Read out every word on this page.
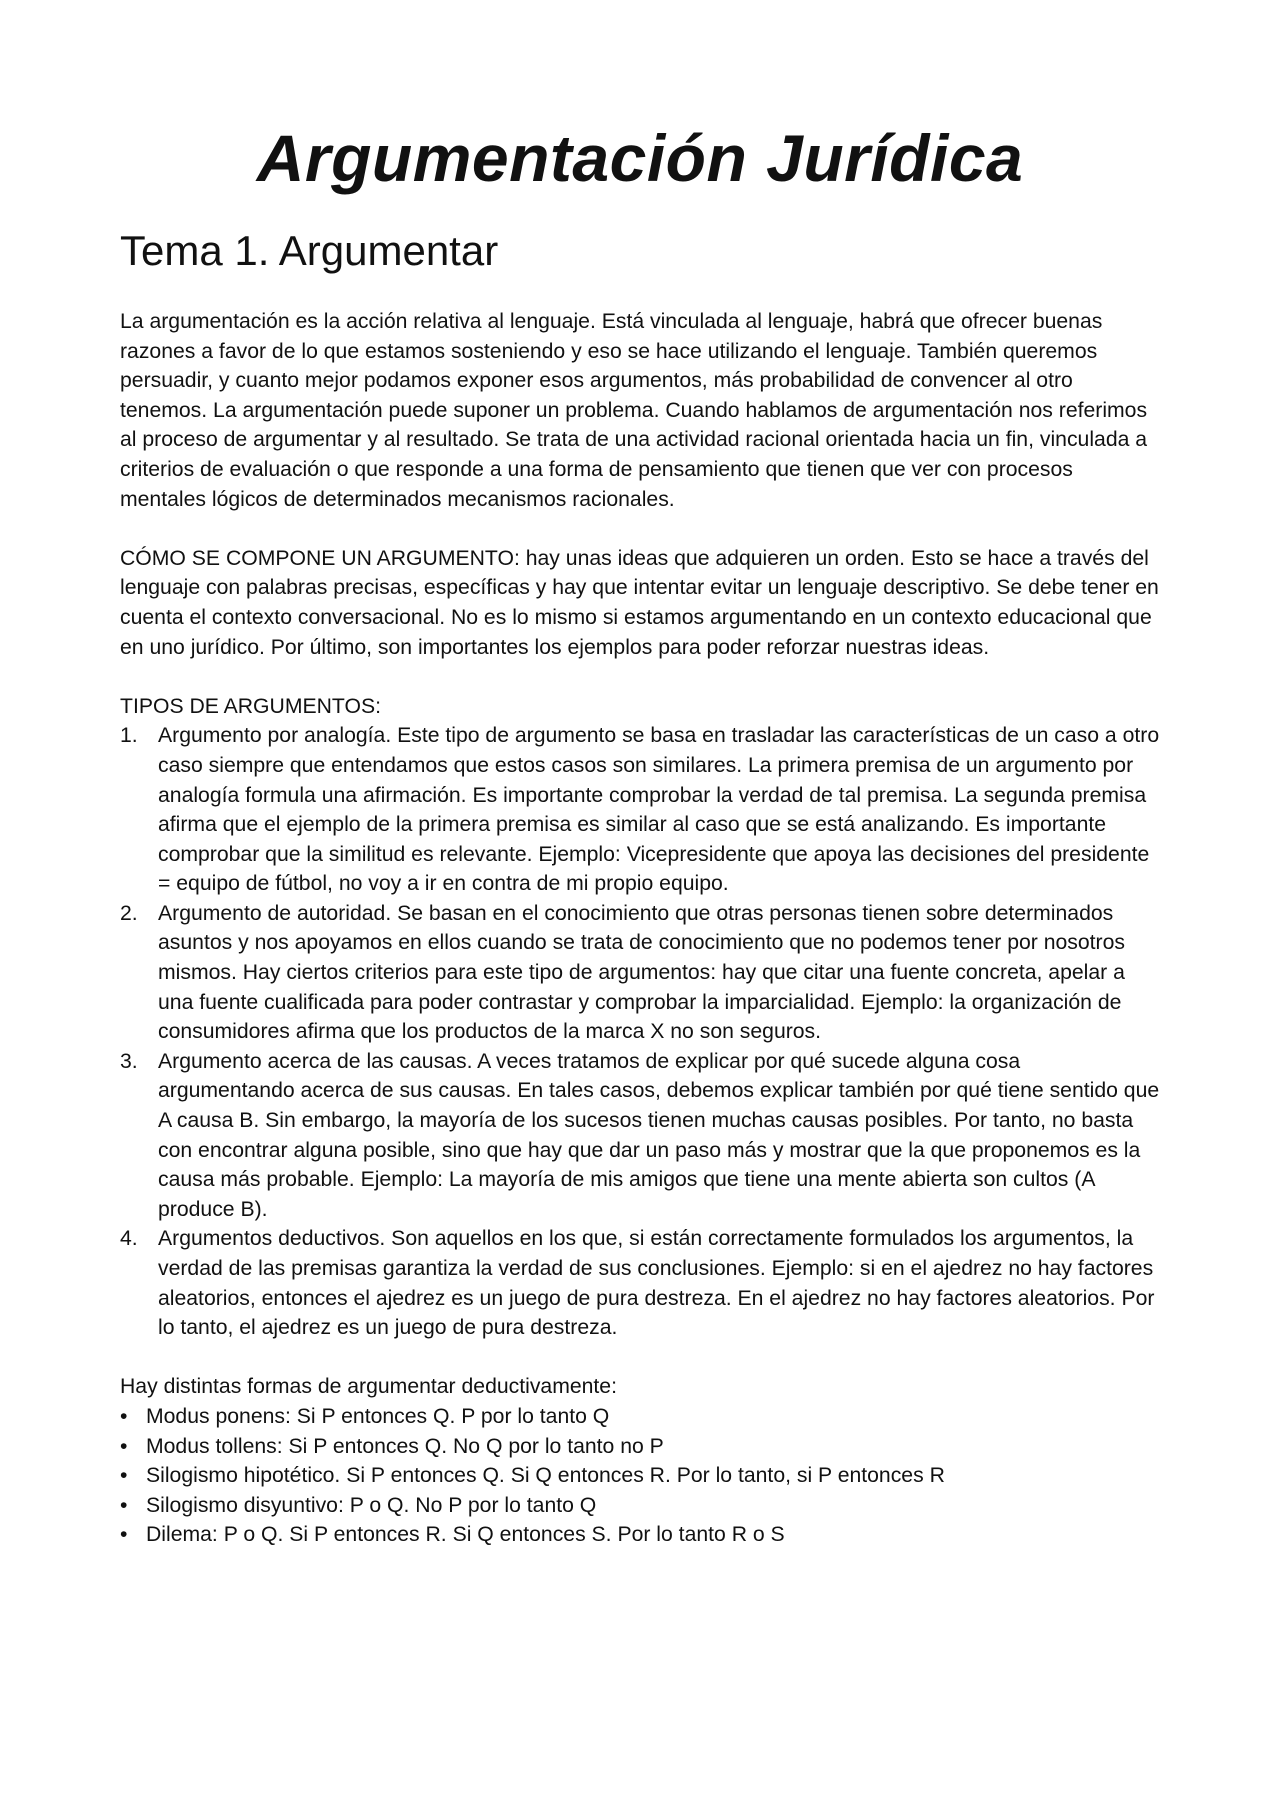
Argumentación Jurídica
Tema 1. Argumentar

La argumentación es la acción relativa al lenguaje. Está vinculada al lenguaje, habrá que ofrecer buenas razones a favor de lo que estamos sosteniendo y eso se hace utilizando el lenguaje. También queremos persuadir, y cuanto mejor podamos exponer esos argumentos, más probabilidad de convencer al otro tenemos. La argumentación puede suponer un problema. Cuando hablamos de argumentación nos referimos al proceso de argumentar y al resultado. Se trata de una actividad racional orientada hacia un fin, vinculada a criterios de evaluación o que responde a una forma de pensamiento que tienen que ver con procesos mentales lógicos de determinados mecanismos racionales.

CÓMO SE COMPONE UN ARGUMENTO: hay unas ideas que adquieren un orden. Esto se hace a través del lenguaje con palabras precisas, específicas y hay que intentar evitar un lenguaje descriptivo. Se debe tener en cuenta el contexto conversacional. No es lo mismo si estamos argumentando en un contexto educacional que en uno jurídico. Por último, son importantes los ejemplos para poder reforzar nuestras ideas.

TIPOS DE ARGUMENTOS:

1. Argumento por analogía. Este tipo de argumento se basa en trasladar las características de un caso a otro caso siempre que entendamos que estos casos son similares. La primera premisa de un argumento por analogía formula una afirmación. Es importante comprobar la verdad de tal premisa. La segunda premisa afirma que el ejemplo de la primera premisa es similar al caso que se está analizando. Es importante comprobar que la similitud es relevante. Ejemplo: Vicepresidente que apoya las decisiones del presidente = equipo de fútbol, no voy a ir en contra de mi propio equipo.
2. Argumento de autoridad. Se basan en el conocimiento que otras personas tienen sobre determinados asuntos y nos apoyamos en ellos cuando se trata de conocimiento que no podemos tener por nosotros mismos. Hay ciertos criterios para este tipo de argumentos: hay que citar una fuente concreta, apelar a una fuente cualificada para poder contrastar y comprobar la imparcialidad. Ejemplo: la organización de consumidores afirma que los productos de la marca X no son seguros.
3. Argumento acerca de las causas. A veces tratamos de explicar por qué sucede alguna cosa argumentando acerca de sus causas. En tales casos, debemos explicar también por qué tiene sentido que A causa B. Sin embargo, la mayoría de los sucesos tienen muchas causas posibles. Por tanto, no basta con encontrar alguna posible, sino que hay que dar un paso más y mostrar que la que proponemos es la causa más probable. Ejemplo: La mayoría de mis amigos que tiene una mente abierta son cultos (A produce B).
4. Argumentos deductivos. Son aquellos en los que, si están correctamente formulados los argumentos, la verdad de las premisas garantiza la verdad de sus conclusiones. Ejemplo: si en el ajedrez no hay factores aleatorios, entonces el ajedrez es un juego de pura destreza. En el ajedrez no hay factores aleatorios. Por lo tanto, el ajedrez es un juego de pura destreza.

Hay distintas formas de argumentar deductivamente:

• Modus ponens: Si P entonces Q. P por lo tanto Q
• Modus tollens: Si P entonces Q. No Q por lo tanto no P
• Silogismo hipotético. Si P entonces Q. Si Q entonces R. Por lo tanto, si P entonces R
• Silogismo disyuntivo: P o Q. No P por lo tanto Q
• Dilema: P o Q. Si P entonces R. Si Q entonces S. Por lo tanto R o S
